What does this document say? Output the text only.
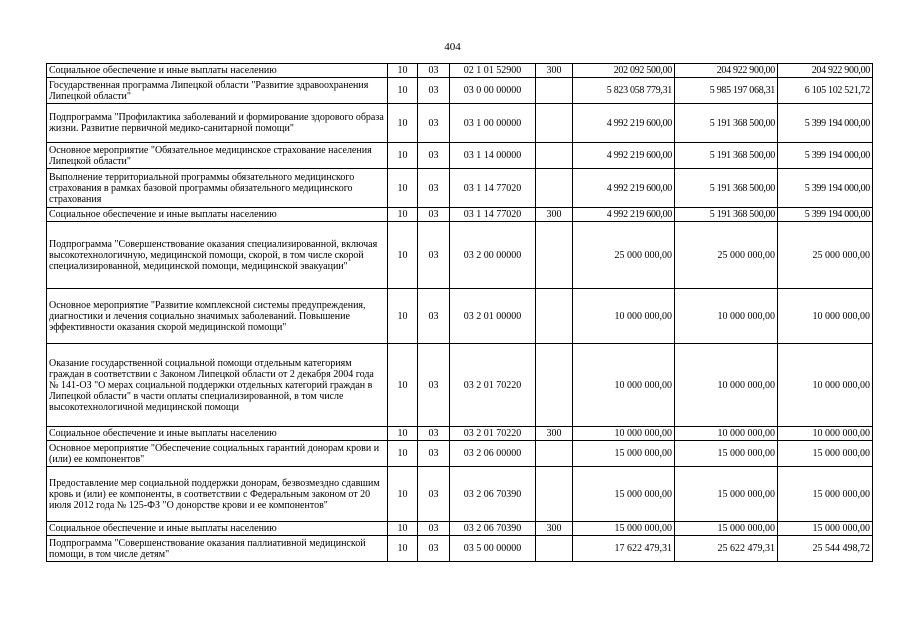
404
Социальное обеспечение и иные выплаты населению	10	03	02 1 01 52900	300	202 092 500,00	204 922 900,00	204 922 900,00
Государственная программа Липецкой области "Развитие здравоохранения Липецкой области"	10	03	03 0 00 00000		5 823 058 779,31	5 985 197 068,31	6 105 102 521,72
Подпрограмма "Профилактика заболеваний и формирование здорового образа жизни. Развитие первичной медико-санитарной помощи"	10	03	03 1 00 00000		4 992 219 600,00	5 191 368 500,00	5 399 194 000,00
Основное мероприятие "Обязательное медицинское страхование населения Липецкой области"	10	03	03 1 14 00000		4 992 219 600,00	5 191 368 500,00	5 399 194 000,00
Выполнение территориальной программы обязательного медицинского страхования в рамках базовой программы обязательного медицинского страхования	10	03	03 1 14 77020		4 992 219 600,00	5 191 368 500,00	5 399 194 000,00
Социальное обеспечение и иные выплаты населению	10	03	03 1 14 77020	300	4 992 219 600,00	5 191 368 500,00	5 399 194 000,00
Подпрограмма "Совершенствование оказания специализированной, включая высокотехнологичную, медицинской помощи, скорой, в том числе скорой специализированной, медицинской помощи, медицинской эвакуации"	10	03	03 2 00 00000		25 000 000,00	25 000 000,00	25 000 000,00
Основное мероприятие "Развитие комплексной системы предупреждения, диагностики и лечения социально значимых заболеваний. Повышение эффективности оказания скорой медицинской помощи"	10	03	03 2 01 00000		10 000 000,00	10 000 000,00	10 000 000,00
Оказание государственной социальной помощи отдельным категориям граждан в соответствии с Законом Липецкой области от 2 декабря 2004 года № 141-ОЗ "О мерах социальной поддержки отдельных категорий граждан в Липецкой области" в части оплаты специализированной, в том числе высокотехнологичной медицинской помощи	10	03	03 2 01 70220		10 000 000,00	10 000 000,00	10 000 000,00
Социальное обеспечение и иные выплаты населению	10	03	03 2 01 70220	300	10 000 000,00	10 000 000,00	10 000 000,00
Основное мероприятие "Обеспечение социальных гарантий донорам крови и (или) ее компонентов"	10	03	03 2 06 00000		15 000 000,00	15 000 000,00	15 000 000,00
Предоставление мер социальной поддержки донорам, безвозмездно сдавшим кровь и (или) ее компоненты, в соответствии с Федеральным законом от 20 июля 2012 года № 125-ФЗ "О донорстве крови и ее компонентов"	10	03	03 2 06 70390		15 000 000,00	15 000 000,00	15 000 000,00
Социальное обеспечение и иные выплаты населению	10	03	03 2 06 70390	300	15 000 000,00	15 000 000,00	15 000 000,00
Подпрограмма "Совершенствование оказания паллиативной медицинской помощи, в том числе детям"	10	03	03 5 00 00000		17 622 479,31	25 622 479,31	25 544 498,72
